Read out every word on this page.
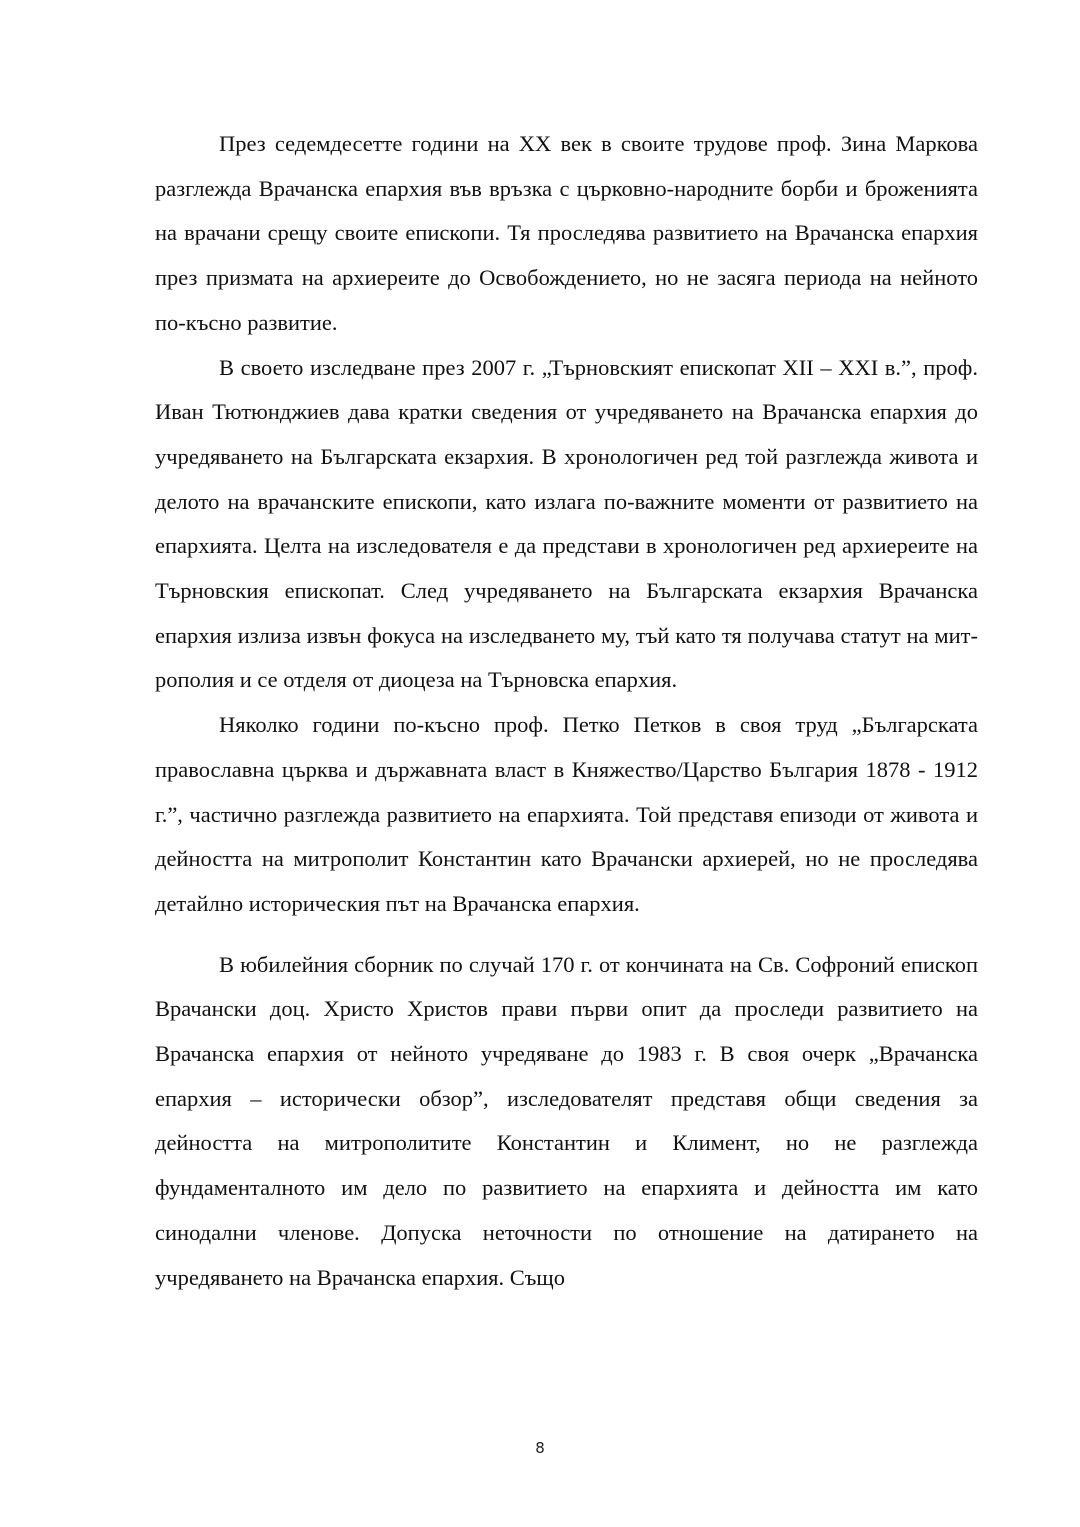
През седемдесетте години на XX век в своите трудове проф. Зина Маркова разглежда Врачанска епархия във връзка с църковно-народните борби и броженията на врачани срещу своите епископи. Тя проследява развитието на Врачанска епархия през призмата на архиереите до Освобождението, но не засяга периода на нейното по-късно развитие.

В своето изследване през 2007 г. „Търновският епископат XII – XXI в.”, проф. Иван Тютюнджиев дава кратки сведения от учредяването на Врачанска епархия до учредяването на Българската екзархия. В хронологичен ред той разглежда живота и делото на врачанските епископи, като излага по-важните моменти от развитието на епархията. Целта на изследователя е да представи в хронологичен ред архиереите на Търновския епископат. След учредяването на Българската екзархия Врачанска епархия излиза извън фокуса на изследването му, тъй като тя получава статут на митрополия и се отделя от диоцеза на Търновска епархия.

Няколко години по-късно проф. Петко Петков в своя труд „Българската православна църква и държавната власт в Княжество/Царство България 1878 - 1912 г.”, частично разглежда развитието на епархията. Той представя епизоди от живота и дейността на митрополит Константин като Врачански архиерей, но не проследява детайлно историческия път на Врачанска епархия.

В юбилейния сборник по случай 170 г. от кончината на Св. Софроний епископ Врачански доц. Христо Христов прави първи опит да проследи развитието на Врачанска епархия от нейното учредяване до 1983 г. В своя очерк „Врачанска епархия – исторически обзор”, изследователят представя общи сведения за дейността на митрополитите Константин и Климент, но не разглежда фундаменталното им дело по развитието на епархията и дейността им като синодални членове. Допуска неточности по отношение на датирането на учредяването на Врачанска епархия. Също

8
